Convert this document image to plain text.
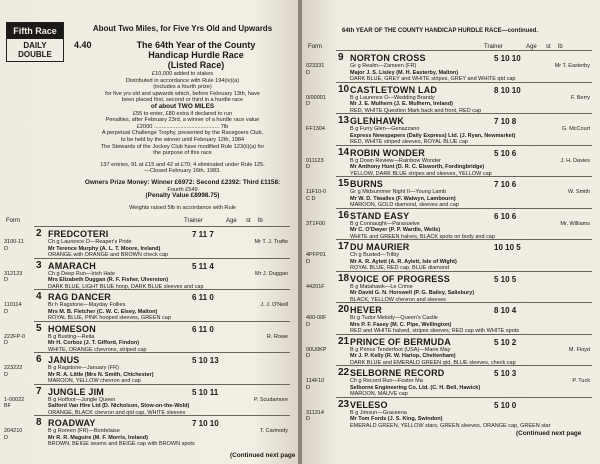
Fifth Race
DAILY
DOUBLE
About Two Miles, for Five Yrs Old and Upwards
4.40	The 64th Year of the County
Handicap Hurdle Race
(Listed Race)
£10,000 added to stakes
Distributed in accordance with Rule 194(iv)(a)
(includes a fourth prize)
for five yrs old and upwards which, before February 13th, have
been placed first, second or third in a hurdle race
of about TWO MILES
£55 to enter, £80 extra if declared to run
Penalties, after February 23rd, a winner of a hurdle race value
£2000 .......................................... 7lb
A perpetual Challenge Trophy, presented by the Racegoers Club,
to be held by the winner until February 12th, 1984
The Stewards of the Jockey Club have modified Rule 123(ii)(a) for
the purpose of this race
137 entries, 91 at £15 and 42 at £70; 4 eliminated under Rule 125.
—Closed February 16th, 1983.
Owners Prize Money: Winner £6972: Second £2392: Third £1158:
Fourth £549
(Penalty Value £8998.75)
Weights raised 5lb in accordance with Rule
Form	Trainer	Age st lb
2 FREDCOTERI	7 11 7
3100-11
D
Ch g Laurence O—Reaper's Pride
Mr Terence Murphy (A. L. T. Moore, Ireland)
ORANGE with ORANGE and BROWN check cap
Mr T. J. Trafte
3 AMARACH	5 11 4
312123
D
Ch g Deep Run—Irish Hate
Mrs Elizabeth Duggan (R. F. Fisher, Ulverston)
DARK BLUE, LIGHT BLUE hoop, DARK BLUE sleeves and cap
Mr J. Duggan
4 RAG DANCER	6 11 0
110114
D
Br h Ragstone—Mayday Follies
Mrs M. B. Fletcher (C. W. C. Elsey, Malton)
ROYAL BLUE, PINK hooped sleeves, GREEN cap
J. J. O'Neill
5 HOMESON	6 11 0
222FP-0
D
B g Busting—Reita
Mr H. Corboz (J. T. Gifford, Findon)
WHITE, ORANGE chevrons, striped cap
R. Rowe
6 JANUS	5 10 13
223222
D
B g Ragstone—January (FR)
Mr R. A. Little (Mrs N. Smith, Chichester)
MAROON, YELLOW chevron and cap
7 JUNGLE JIM	5 10 11
1-00022
BF
B g Hotfoot—Jungle Queen
Salford Van Hire Ltd (D. Nicholson, Stow-on-the-Wold)
ORANGE, BLACK chevron and qtd cap, WHITE sleeves
P. Scudamore
8 ROADWAY	7 10 10
204210
D
B g Roreen (FR)—Bordelaise
Mr R. R. Maguire (M. F. Morris, Ireland)
BROWN, BEIGE seams and BEIGE cap with BROWN spots
T. Carmody
(Continued next page
64th YEAR OF THE COUNTY HANDICAP HURDLE RACE—continued.
Form	Trainer	Age st lb
9 NORTON CROSS	5 10 10
023331
D
Gr g Realm—Zameen (FR)
Major J. S. Lisley (M. H. Easterby, Malton)
DARK BLUE, GREY and WHITE stripes, GREY and WHITE qtd cap
Mr T. Easterby
10 CASTLETOWN LAD	8 10 10
0/00001
D
B g Laurence O—Wedding Brandy
Mr J. E. Mulhern (J. E. Mulhern, Ireland)
RED, WHITE Question Mark back and front, RED cap
F. Berry
13 GLENHAWK	7 10 8
FF1304	B g Furry Glen—Genazzano
Express Newspapers (Daily Express) Ltd. (J. Ryan, Newmarket)
RED, WHITE striped sleeves, ROYAL BLUE cap
G. McCourt
14 ROBIN WONDER	5 10 6
011123
D
B g Down Review—Rainbow Wonder
Mr Anthony Hunt (D. R. C. Elsworth, Fordingbridge)
YELLOW, DARK BLUE stripes and sleeves, YELLOW cap
J. H. Davies
15 BURNS	7 10 6
11F10-0
C D
Gr g Midsummer Night II—Young Lamb
Mr W. D. Tiwalles (F. Walwyn, Lambourn)
MAROON, GOLD diamond, sleeves and cap
W. Smith
16 STAND EASY	6 10 6
3T1F00	B g Connaught—Parasuelve
Mr C. O'Dwyer (P. P. Wardle, Wells)
WHITE and GREEN halves, BLACK spots on body and cap
Mr. Williams
17 DU MAURIER	10 10 5
4PFP01
D
Ch g Busted—Trilby
Mr A. R. Aylett (A. R. Aylett, Isle of Wight)
ROYAL BLUE, RED cap, BLUE diamond
18 VOICE OF PROGRESS	5 10 5
44201F	B g Matahawk—Le Crime
Mr David G. N. Horswell (P. G. Bailey, Salisbury)
BLACK, YELLOW chevron and sleeves
20 HEVER	8 10 4
400-00F
D
Br g Tudor Melody—Queen's Castle
Mrs P. F. Fasey (M. C. Pipe, Wellington)
RED and WHITE halved, stripes sleeves, RED cap with WHITE spots
21 PRINCE OF BERMUDA	5 10 2
00U0KP
D
B g Prince Tenderfoot (USA)—Marie May
Mr J. P. Kelly (R. W. Harlop, Cheltenham)
DARK BLUE and EMERALD GREEN qtd, BLUE sleeves, check cap
M. Floyd
22 SELBORNE RECORD	5 10 3
114F10
D
Ch g Record Run—Foster Ma
Selborne Engineering Co. Ltd. (C. H. Bell, Hawick)
MAROON, MAUVE cap
P. Tuck
23 VELESO	5 10 0
311314
D
B g Jimsun—Graceena
Mr Tom Fords (J. S. King, Swindon)
EMERALD GREEN, YELLOW stars, GREEN sleeves, ORANGE cap, GREEN star
(Continued next page
